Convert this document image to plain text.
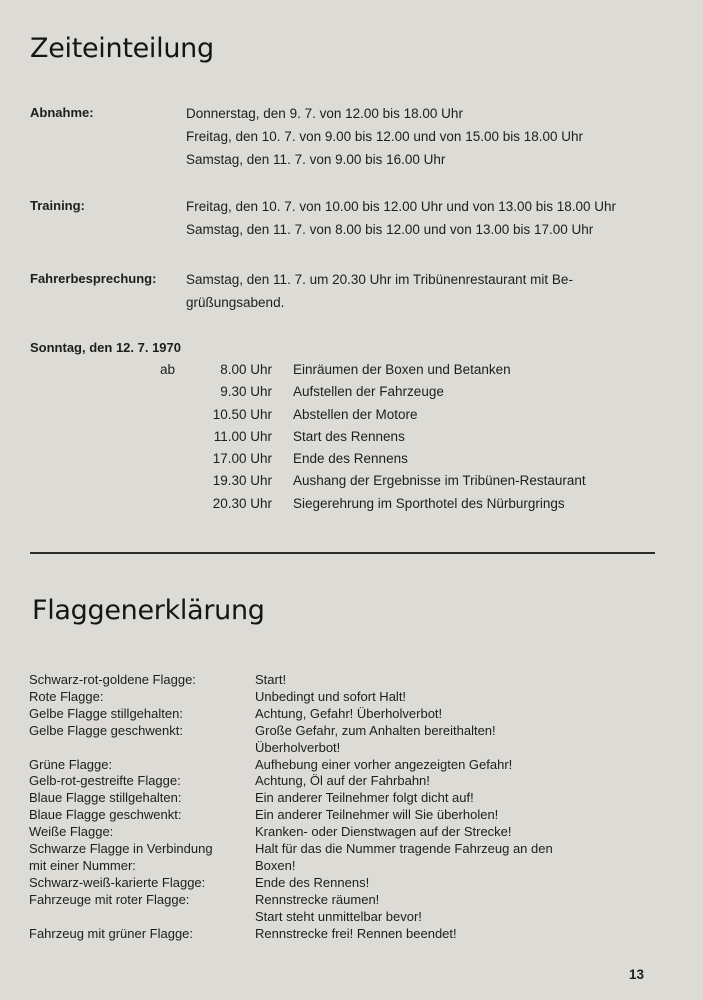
Zeiteinteilung
Abnahme:	Donnerstag, den 9. 7. von 12.00 bis 18.00 Uhr
Freitag, den 10. 7. von 9.00 bis 12.00 und von 15.00 bis 18.00 Uhr
Samstag, den 11. 7. von 9.00 bis 16.00 Uhr
Training:	Freitag, den 10. 7. von 10.00 bis 12.00 Uhr und von 13.00 bis 18.00 Uhr
Samstag, den 11. 7. von 8.00 bis 12.00 und von 13.00 bis 17.00 Uhr
Fahrerbesprechung: Samstag, den 11. 7. um 20.30 Uhr im Tribünenrestaurant mit Be-
grüßungsabend.
Sonntag, den 12. 7. 1970
ab	8.00 Uhr Einräumen der Boxen und Betanken
9.30 Uhr Aufstellen der Fahrzeuge
10.50 Uhr Abstellen der Motore
11.00 Uhr Start des Rennens
17.00 Uhr Ende des Rennens
19.30 Uhr Aushang der Ergebnisse im Tribünen-Restaurant
20.30 Uhr Siegerehrung im Sporthotel des Nürburgrings
Flaggenerklärung
Schwarz-rot-goldene Flagge:	Start!
Rote Flagge:	Unbedingt und sofort Halt!
Gelbe Flagge stillgehalten:	Achtung, Gefahr! Überholverbot!
Gelbe Flagge geschwenkt:	Große Gefahr, zum Anhalten bereithalten!
Überholverbot!
Grüne Flagge:	Aufhebung einer vorher angezeigten Gefahr!
Gelb-rot-gestreifte Flagge:	Achtung, Öl auf der Fahrbahn!
Blaue Flagge stillgehalten:	Ein anderer Teilnehmer folgt dicht auf!
Blaue Flagge geschwenkt:	Ein anderer Teilnehmer will Sie überholen!
Weiße Flagge:	Kranken- oder Dienstwagen auf der Strecke!
Schwarze Flagge in Verbindung	Halt für das die Nummer tragende Fahrzeug an den
mit einer Nummer:	Boxen!
Schwarz-weiß-karierte Flagge:	Ende des Rennens!
Fahrzeuge mit roter Flagge:	Rennstrecke räumen!
Start steht unmittelbar bevor!
Fahrzeug mit grüner Flagge:	Rennstrecke frei! Rennen beendet!
13
